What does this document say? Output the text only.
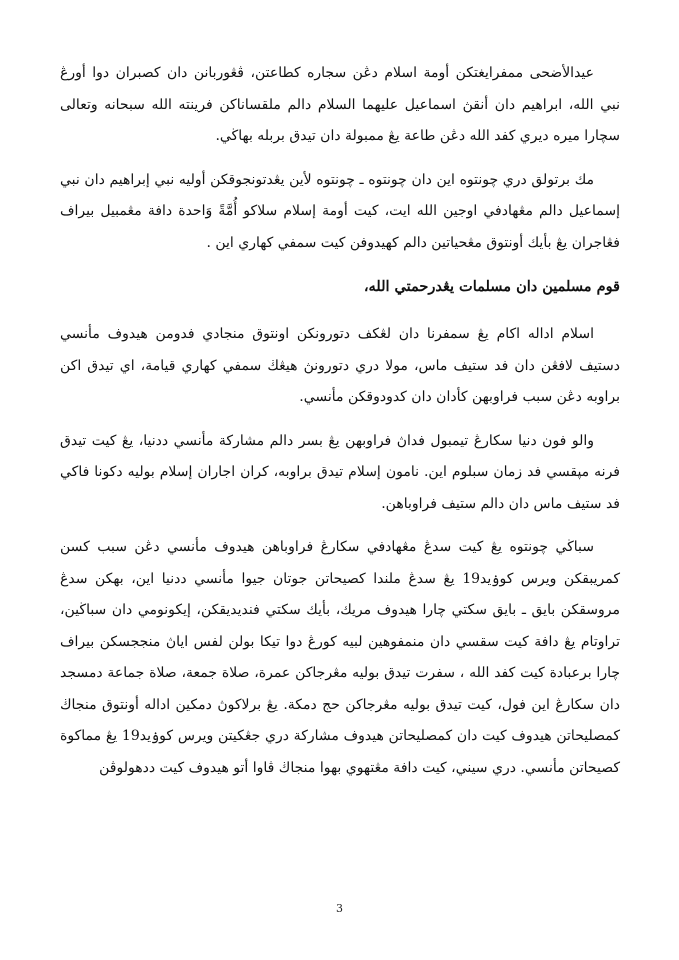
عيدالأضحى ممفرايغتكن أومة اسلام دڠن سجاره كطاعتن، ڤڠوربانن دان كصبران دوا أورڠ نبي الله، ابراهيم دان أنقڽ اسماعيل عليهما السلام دالم ملقساناكن فرينته الله سبحانه وتعالى سچارا ميره ديري كفد الله دڠن طاعة يڠ ممبولة دان تيدق بربله بهاڬي.

مك برتولق دري چونتوه اين دان چونتوه ـ چونتوه لأين يڠدتونجوقكن أوليه نبي إبراهيم دان نبي إسماعيل دالم مڠهادفي اوجين الله ايت، كيت أومة إسلام سلاكو أُمَّةً وَاحدة دافة مڠمبيل بيراف فڠاجران يڠ بأيك أونتوق مڠحياتين دالم كهيدوفن كيت سمفي كهاري اين .

قوم مسلمين دان مسلمات يڠدرحمتي الله،

اسلام اداله اكام يڠ سمفرنا دان لڠكف دتورونكن اونتوق منجادي فدومن هيدوف مأنسي دستيف لافڠن دان فد ستيف ماس، مولا دري دتورونڽ هيڠڬ سمفي كهاري قيامة، اي تيدق اكن براوبه دڠن سبب فراوبهن كأدان دان كدودوقكن مأنسي.

والو فون دنيا سكارڠ تيمبول فداڽ فراوبهن يڠ بسر دالم مشاركة مأنسي ددنيا، يڠ كيت تيدق فرنه مڽقسي فد زمان سبلوم اين. نامون إسلام تيدق براوبه، كران اجاران إسلام بوليه دكونا فاكي فد ستيف ماس دان دالم ستيف فراوباهن.

سباڬي چونتوه يڠ كيت سدڠ مڠهادفي سكارڠ فراوباهن هيدوف مأنسي دڠن سبب كسن كمريبقكن ويرس كوۏيد19 يڠ سدڠ ملندا كصيحاتن جوتان جيوا مأنسي ددنيا اين، بهكن سدڠ مروسقكن بايق ـ بايق سكتي چارا هيدوف مريك، بأيك سكتي فنديديقكن، إيكونومي دان سباڬين، تراوتام يڠ دافة كيت سقسي دان منمفوهين لبيه كورڠ دوا تيكا بولن لفس اياڽ منججسكن بيراف چارا برعبادة كيت كفد الله ، سفرت تيدق بوليه مڠرجاكن عمرة، صلاة جمعة، صلاة جماعة دمسجد دان سكارڠ اين فول، كيت تيدق بوليه مڠرجاكن حج دمكة. يڠ برلاكوڽ دمكين اداله أونتوق منجاڬ كمصليحاتن هيدوف كيت دان كمصليحاتن هيدوف مشاركة دري جڠكيتن ويرس كوۏيد19 يڠ مماكوة كصيحاتن مأنسي. دري سيني، كيت دافة مڠتهوي بهوا منجاڬ ڤاوا أتو هيدوف كيت ددهولوڤن

3
